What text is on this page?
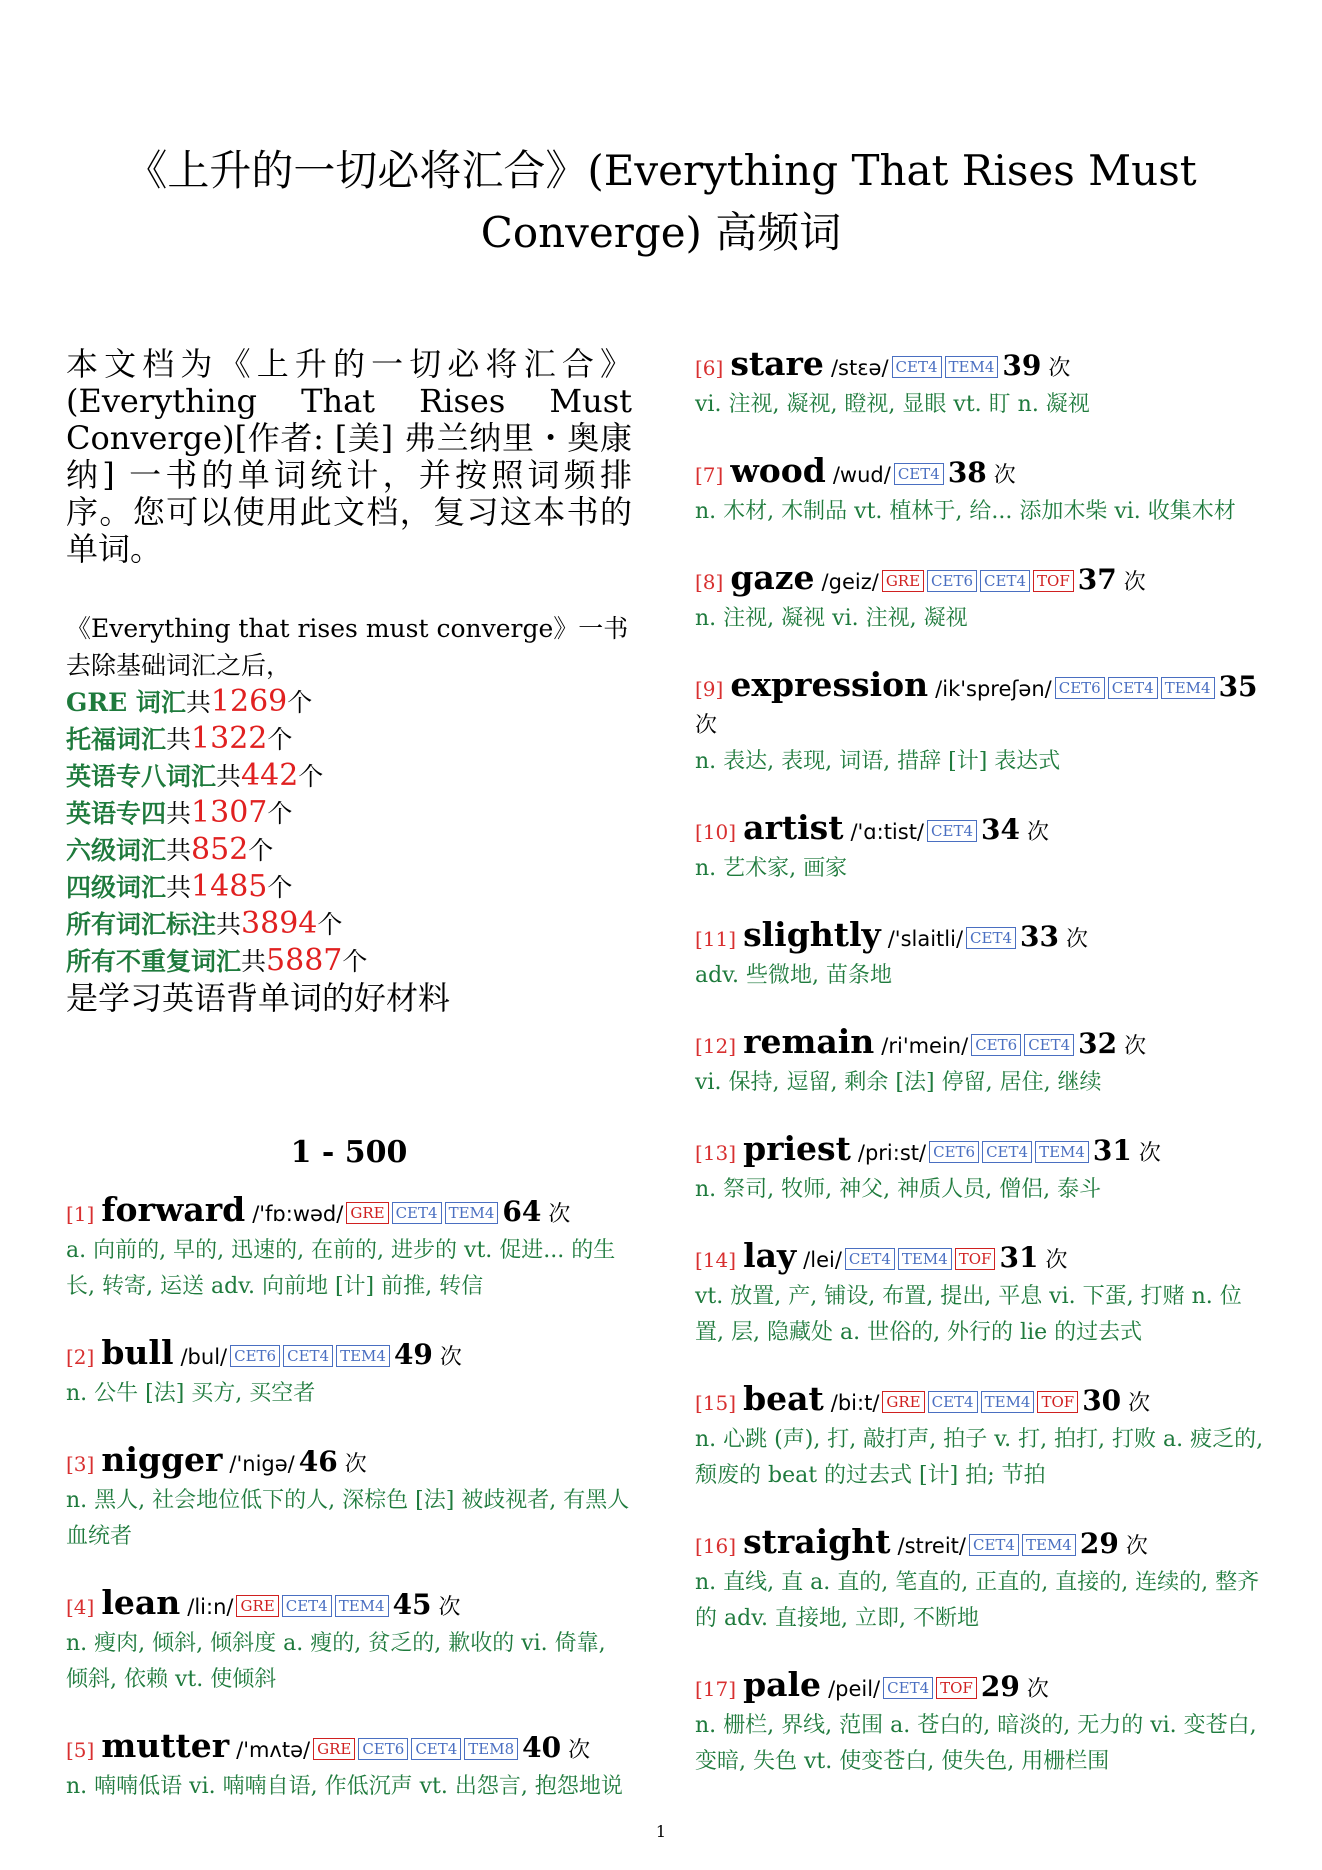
《上升的一切必将汇合》(Everything That Rises Must Converge) 高频词
本文档为《上升的一切必将汇合》(Everything That Rises Must Converge)[作者: [美] 弗兰纳里・奥康纳] 一书的单词统计，并按照词频排序。您可以使用此文档，复习这本书的单词。
《Everything that rises must converge》一书去除基础词汇之后，
GRE 词汇共1269个
托福词汇共1322个
英语专八词汇共442个
英语专四共1307个
六级词汇共852个
四级词汇共1485个
所有词汇标注共3894个
所有不重复词汇共5887个
是学习英语背单词的好材料
1 - 500
[1] forward /'fɒ:wəd/ GRE CET4 TEM4 64 次
a. 向前的, 早的, 迅速的, 在前的, 进步的 vt. 促进... 的生长, 转寄, 运送 adv. 向前地 [计] 前推, 转信
[2] bull /bul/ CET6 CET4 TEM4 49 次
n. 公牛 [法] 买方, 买空者
[3] nigger /'nigə/ 46 次
n. 黑人, 社会地位低下的人, 深棕色 [法] 被歧视者, 有黑人血统者
[4] lean /li:n/ GRE CET4 TEM4 45 次
n. 瘦肉, 倾斜, 倾斜度 a. 瘦的, 贫乏的, 歉收的 vi. 倚靠, 倾斜, 依赖 vt. 使倾斜
[5] mutter /'mʌtə/ GRE CET6 CET4 TEM8 40 次
n. 喃喃低语 vi. 喃喃自语, 作低沉声 vt. 出怨言, 抱怨地说
[6] stare /stɛə/ CET4 TEM4 39 次
vi. 注视, 凝视, 瞪视, 显眼 vt. 盯 n. 凝视
[7] wood /wud/ CET4 38 次
n. 木材, 木制品 vt. 植林于, 给... 添加木柴 vi. 收集木材
[8] gaze /geiz/ GRE CET6 CET4 TOF 37 次
n. 注视, 凝视 vi. 注视, 凝视
[9] expression /ik'spreʃən/ CET6 CET4 TEM4 35 次
n. 表达, 表现, 词语, 措辞 [计] 表达式
[10] artist /'ɑ:tist/ CET4 34 次
n. 艺术家, 画家
[11] slightly /'slaitli/ CET4 33 次
adv. 些微地, 苗条地
[12] remain /ri'mein/ CET6 CET4 32 次
vi. 保持, 逗留, 剩余 [法] 停留, 居住, 继续
[13] priest /pri:st/ CET6 CET4 TEM4 31 次
n. 祭司, 牧师, 神父, 神质人员, 僧侣, 泰斗
[14] lay /lei/ CET4 TEM4 TOF 31 次
vt. 放置, 产, 铺设, 布置, 提出, 平息 vi. 下蛋, 打赌 n. 位置, 层, 隐藏处 a. 世俗的, 外行的 lie 的过去式
[15] beat /bi:t/ GRE CET4 TEM4 TOF 30 次
n. 心跳 (声), 打, 敲打声, 拍子 v. 打, 拍打, 打败 a. 疲乏的, 颓废的 beat 的过去式 [计] 拍; 节拍
[16] straight /streit/ CET4 TEM4 29 次
n. 直线, 直 a. 直的, 笔直的, 正直的, 直接的, 连续的, 整齐的 adv. 直接地, 立即, 不断地
[17] pale /peil/ CET4 TOF 29 次
n. 栅栏, 界线, 范围 a. 苍白的, 暗淡的, 无力的 vi. 变苍白, 变暗, 失色 vt. 使变苍白, 使失色, 用栅栏围
1
